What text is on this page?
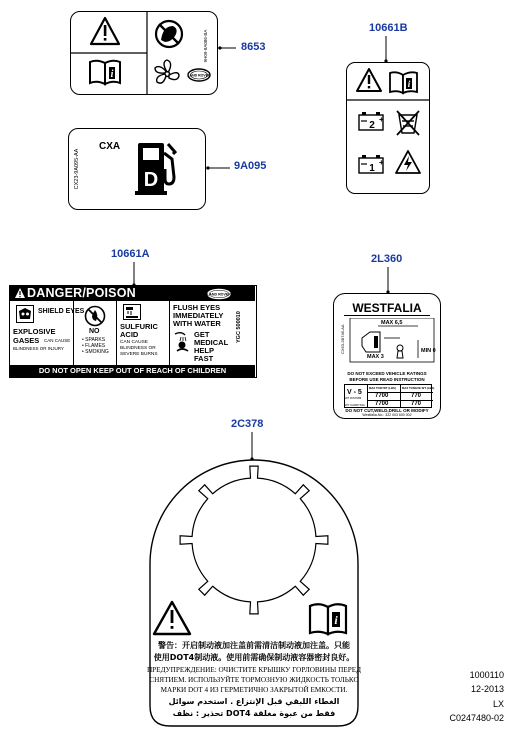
i	LAND ROVER
9H09-8A086-BA	8653
10661B
i
2
+
1
+
CX23-9A095-AA
CXA
D
9A095
10661A
DANGER/POISON	LAND ROVER
SHIELD EYES
EXPLOSIVE
GASES CAN CAUSE
BLINDNESS OR INJURY
NO
• SPARKS
• FLAMES
• SMOKING
SULFURIC
ACID
CAN CAUSE
BLINDNESS OR
SEVERE BURNS
FLUSH EYES
IMMEDIATELY
WITH WATER
GET
MEDICAL
HELP
FAST
YGC 500010
DO NOT OPEN KEEP OUT OF REACH OF CHILDREN
2L360
WESTFALIA
CX63-2B746-AA
MAX 6,5
MAX 3
MIN 0
DO NOT EXCEED VEHICLE RATINGS
BEFORE USE READ INSTRUCTION
V - 5
MAX TOW WT (LBS) MAX TONGUE WT (LBS)
WT DISTRIB 7700	770
WT CARRYING 7700	770
DO NOT CUT,WELD,DRILL OR MODIFY
Westfalia-No.: 322 003 600 002
2C378
i
警告：开启制动液加注盖前需清洁制动液加注盖。只能
使用DOT4制动液。使用前需确保制动液容器密封良好。
ПРЕДУПРЕЖДЕНИЕ: ОЧИСТИТЕ КРЫШКУ ГОРЛОВИНЫ ПЕРЕД
СНЯТИЕМ. ИСПОЛЬЗУЙТЕ ТОРМОЗНУЮ ЖИДКОСТЬ ТОЛЬКО
МАРКИ DOT 4 ИЗ ГЕРМЕТИЧНО ЗАКРЫТОЙ ЕМКОСТИ.
الغطاء اللبقي قبل الإنتزاع . استخدم سوائل
فقط من عبوة مغلقة DOT4 تحذير : نظف
1000110
12-2013
LX
C0247480-02
